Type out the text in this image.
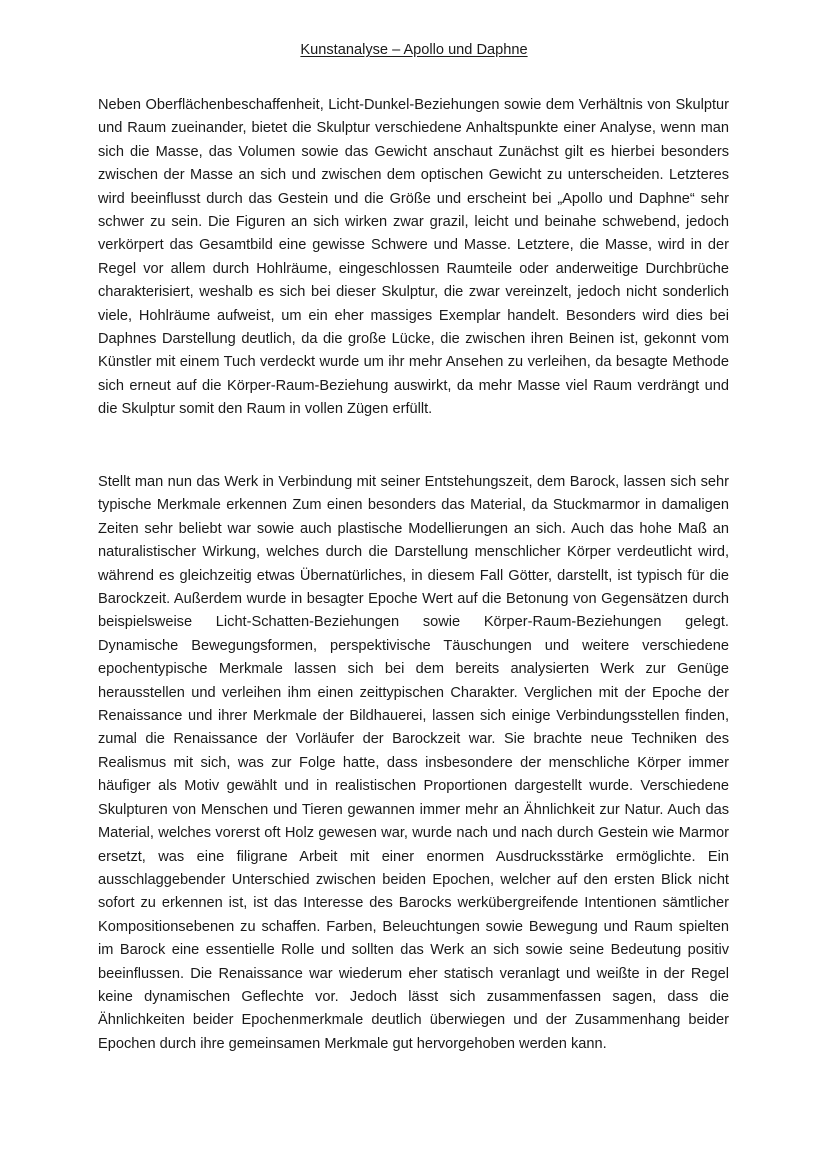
Kunstanalyse – Apollo und Daphne

Neben Oberflächenbeschaffenheit, Licht-Dunkel-Beziehungen sowie dem Verhältnis von Skulptur und Raum zueinander, bietet die Skulptur verschiedene Anhaltspunkte einer Analyse, wenn man sich die Masse, das Volumen sowie das Gewicht anschaut Zunächst gilt es hierbei besonders zwischen der Masse an sich und zwischen dem optischen Gewicht zu unterscheiden. Letzteres wird beeinflusst durch das Gestein und die Größe und erscheint bei „Apollo und Daphne“ sehr schwer zu sein. Die Figuren an sich wirken zwar grazil, leicht und beinahe schwebend, jedoch verkörpert das Gesamtbild eine gewisse Schwere und Masse. Letztere, die Masse, wird in der Regel vor allem durch Hohlräume, eingeschlossen Raumteile oder anderweitige Durchbrüche charakterisiert, weshalb es sich bei dieser Skulptur, die zwar vereinzelt, jedoch nicht sonderlich viele, Hohlräume aufweist, um ein eher massiges Exemplar handelt. Besonders wird dies bei Daphnes Darstellung deutlich, da die große Lücke, die zwischen ihren Beinen ist, gekonnt vom Künstler mit einem Tuch verdeckt wurde um ihr mehr Ansehen zu verleihen, da besagte Methode sich erneut auf die Körper-Raum-Beziehung auswirkt, da mehr Masse viel Raum verdrängt und die Skulptur somit den Raum in vollen Zügen erfüllt.

Stellt man nun das Werk in Verbindung mit seiner Entstehungszeit, dem Barock, lassen sich sehr typische Merkmale erkennen Zum einen besonders das Material, da Stuckmarmor in damaligen Zeiten sehr beliebt war sowie auch plastische Modellierungen an sich. Auch das hohe Maß an naturalistischer Wirkung, welches durch die Darstellung menschlicher Körper verdeutlicht wird, während es gleichzeitig etwas Übernatürliches, in diesem Fall Götter, darstellt, ist typisch für die Barockzeit. Außerdem wurde in besagter Epoche Wert auf die Betonung von Gegensätzen durch beispielsweise Licht-Schatten-Beziehungen sowie Körper-Raum-Beziehungen gelegt. Dynamische Bewegungsformen, perspektivische Täuschungen und weitere verschiedene epochentypische Merkmale lassen sich bei dem bereits analysierten Werk zur Genüge herausstellen und verleihen ihm einen zeittypischen Charakter. Verglichen mit der Epoche der Renaissance und ihrer Merkmale der Bildhauerei, lassen sich einige Verbindungsstellen finden, zumal die Renaissance der Vorläufer der Barockzeit war. Sie brachte neue Techniken des Realismus mit sich, was zur Folge hatte, dass insbesondere der menschliche Körper immer häufiger als Motiv gewählt und in realistischen Proportionen dargestellt wurde. Verschiedene Skulpturen von Menschen und Tieren gewannen immer mehr an Ähnlichkeit zur Natur. Auch das Material, welches vorerst oft Holz gewesen war, wurde nach und nach durch Gestein wie Marmor ersetzt, was eine filigrane Arbeit mit einer enormen Ausdrucksstärke ermöglichte. Ein ausschlaggebender Unterschied zwischen beiden Epochen, welcher auf den ersten Blick nicht sofort zu erkennen ist, ist das Interesse des Barocks werkübergreifende Intentionen sämtlicher Kompositionsebenen zu schaffen. Farben, Beleuchtungen sowie Bewegung und Raum spielten im Barock eine essentielle Rolle und sollten das Werk an sich sowie seine Bedeutung positiv beeinflussen. Die Renaissance war wiederum eher statisch veranlagt und weißte in der Regel keine dynamischen Geflechte vor. Jedoch lässt sich zusammenfassen sagen, dass die Ähnlichkeiten beider Epochenmerkmale deutlich überwiegen und der Zusammenhang beider Epochen durch ihre gemeinsamen Merkmale gut hervorgehoben werden kann.
